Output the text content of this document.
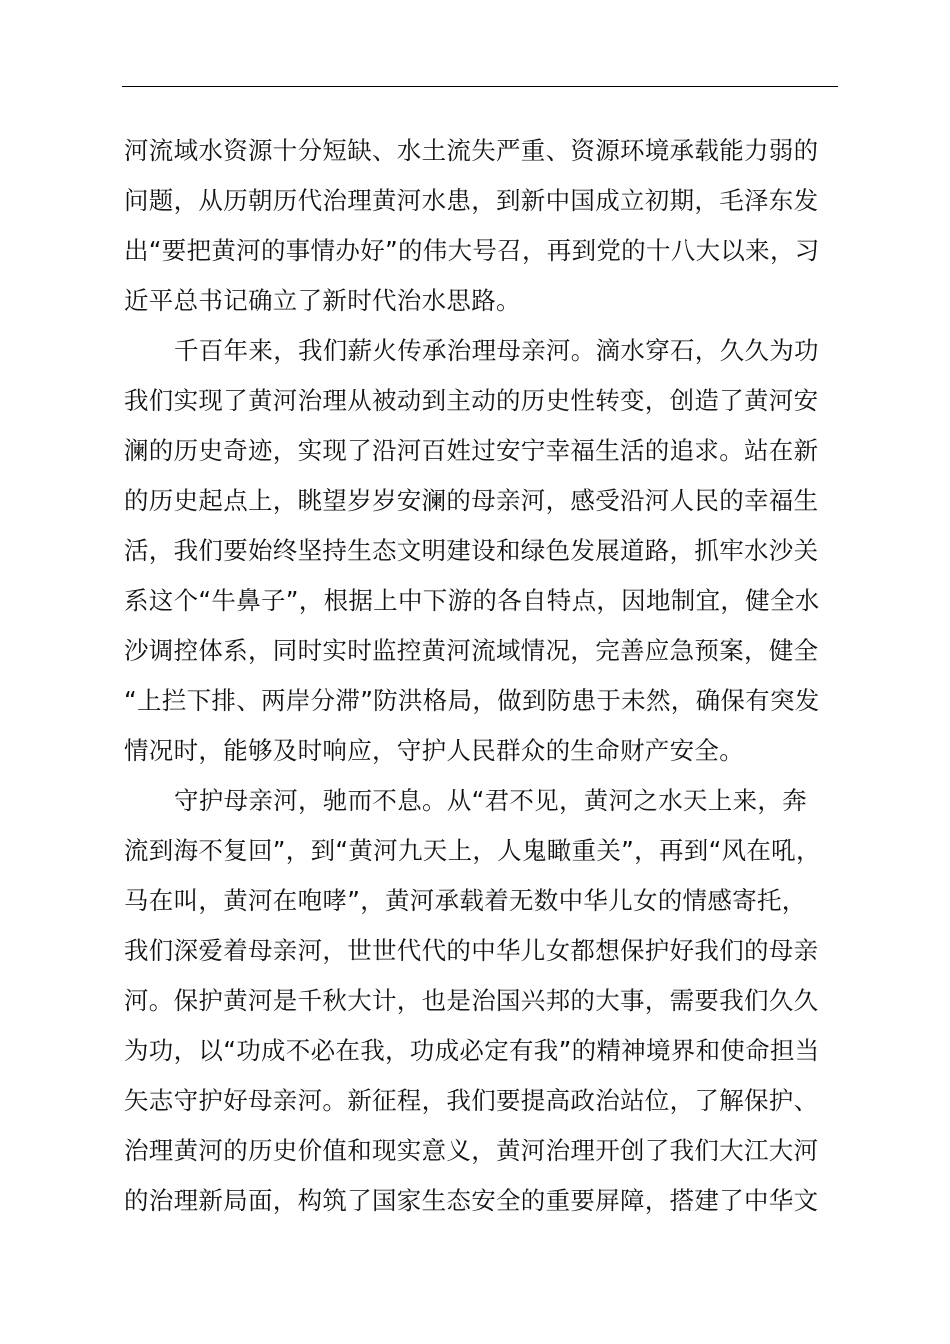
河流域水资源十分短缺、水土流失严重、资源环境承载能力弱的
问题，从历朝历代治理黄河水患，到新中国成立初期，毛泽东发
出“要把黄河的事情办好”的伟大号召，再到党的十八大以来，习
近平总书记确立了新时代治水思路。
千百年来，我们薪火传承治理母亲河。滴水穿石，久久为功
我们实现了黄河治理从被动到主动的历史性转变，创造了黄河安
澜的历史奇迹，实现了沿河百姓过安宁幸福生活的追求。站在新
的历史起点上，眺望岁岁安澜的母亲河，感受沿河人民的幸福生
活，我们要始终坚持生态文明建设和绿色发展道路，抓牢水沙关
系这个“牛鼻子”，根据上中下游的各自特点，因地制宜，健全水
沙调控体系，同时实时监控黄河流域情况，完善应急预案，健全
“上拦下排、两岸分滞”防洪格局，做到防患于未然，确保有突发
情况时，能够及时响应，守护人民群众的生命财产安全。
守护母亲河，驰而不息。从“君不见，黄河之水天上来，奔
流到海不复回”，到“黄河九天上，人鬼瞰重关”，再到“风在吼，
马在叫，黄河在咆哮”，黄河承载着无数中华儿女的情感寄托，
我们深爱着母亲河，世世代代的中华儿女都想保护好我们的母亲
河。保护黄河是千秋大计，也是治国兴邦的大事，需要我们久久
为功，以“功成不必在我，功成必定有我”的精神境界和使命担当
矢志守护好母亲河。新征程，我们要提高政治站位，了解保护、
治理黄河的历史价值和现实意义，黄河治理开创了我们大江大河
的治理新局面，构筑了国家生态安全的重要屏障，搭建了中华文
